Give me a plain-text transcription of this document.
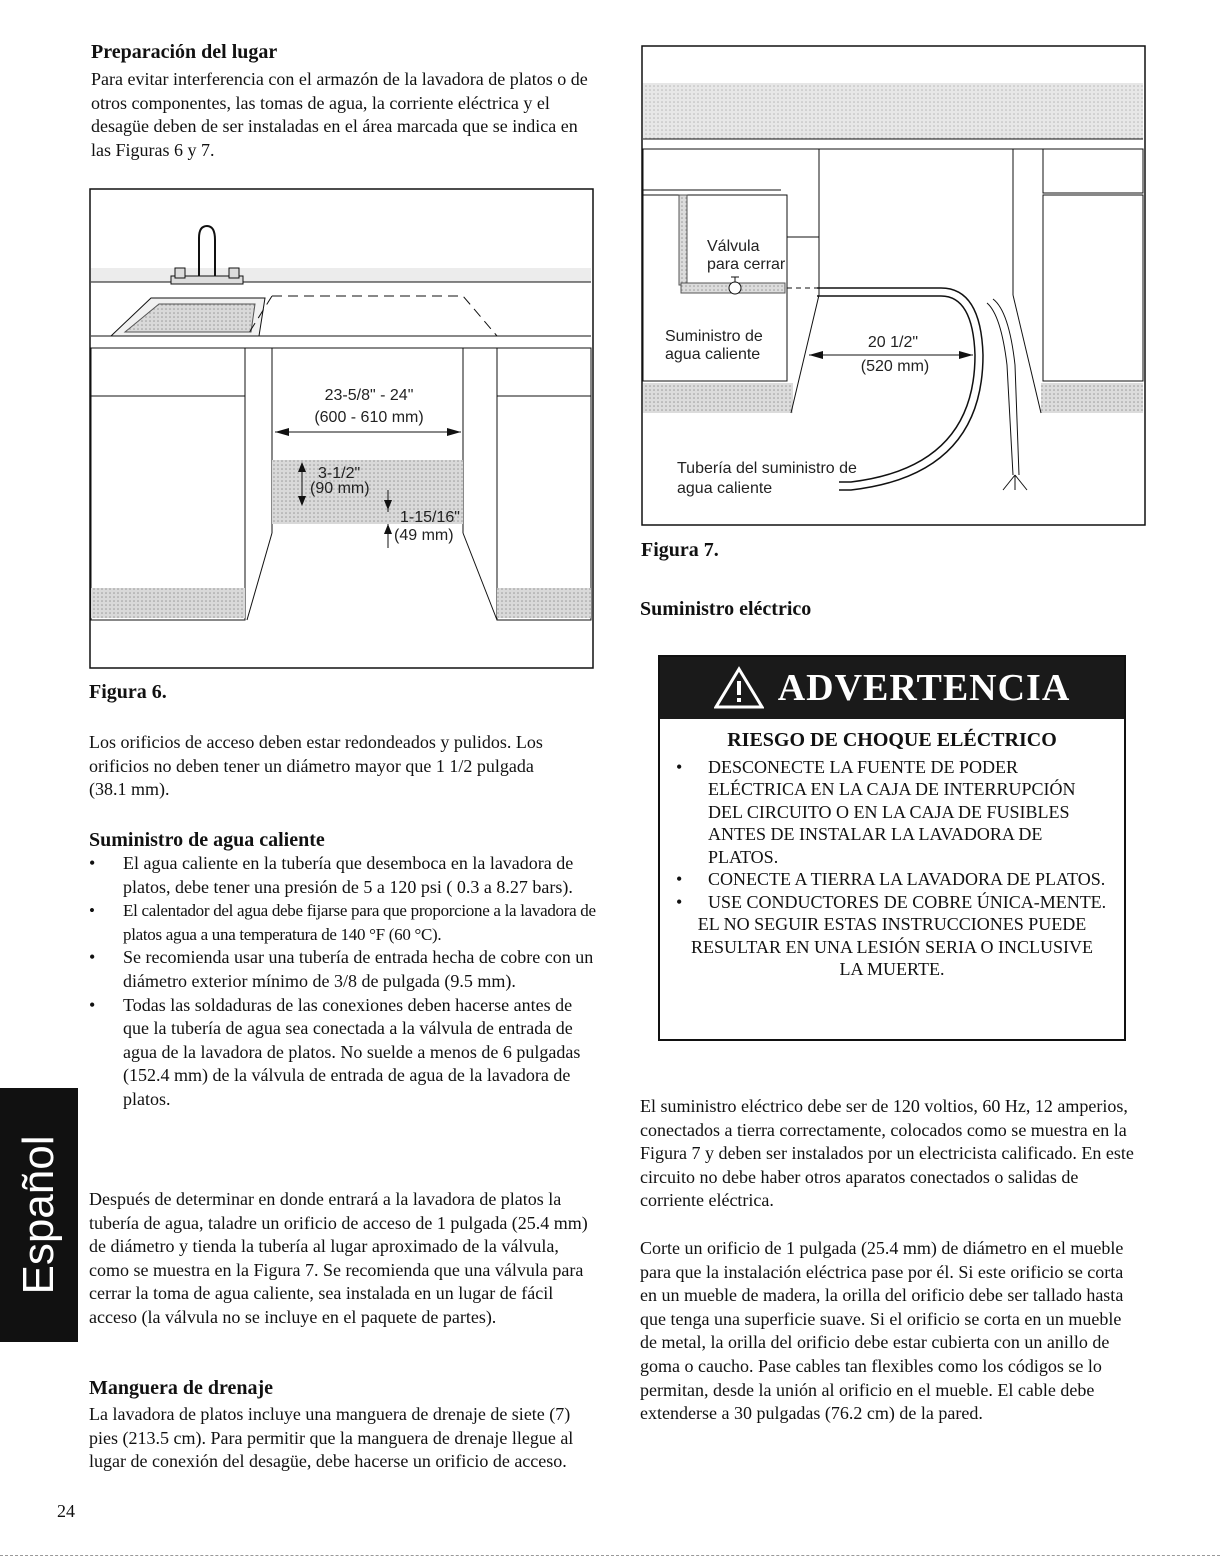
Preparación del lugar
Para evitar interferencia con el armazón de la lavadora de platos o de otros componentes, las tomas de agua, la corriente eléctrica y el desagüe deben de ser instaladas en el área marcada que se indica en las Figuras 6 y 7.
23-5/8" - 24"
(600 - 610 mm)
3-1/2"
(90 mm)
1-15/16"
(49 mm)
Figura 6.
Los orificios de acceso deben estar redondeados y pulidos. Los orificios no deben tener un diámetro mayor que 1 1/2 pulgada (38.1 mm).
Suministro de agua caliente
• El agua caliente en la tubería que desemboca en la lavadora de platos, debe tener una presión de 5 a 120 psi ( 0.3 a 8.27 bars).
• El calentador del agua debe fijarse para que proporcione a la lavadora de platos agua a una temperatura de 140 °F (60 °C).
• Se recomienda usar una tubería de entrada hecha de cobre con un diámetro exterior mínimo de 3/8 de pulgada (9.5 mm).
• Todas las soldaduras de las conexiones deben hacerse antes de que la tubería de agua sea conectada a la válvula de entrada de agua de la lavadora de platos. No suelde a menos de 6 pulgadas (152.4 mm) de la válvula de entrada de agua de la lavadora de platos.
Después de determinar en donde entrará a la lavadora de platos la tubería de agua, taladre un orificio de acceso de 1 pulgada (25.4 mm) de diámetro y tienda la tubería al lugar aproximado de la válvula, como se muestra en la Figura 7. Se recomienda que una válvula para cerrar la toma de agua caliente, sea instalada en un lugar de fácil acceso (la válvula no se incluye en el paquete de partes).
Manguera de drenaje
La lavadora de platos incluye una manguera de drenaje de siete (7) pies (213.5 cm). Para permitir que la manguera de drenaje llegue al lugar de conexión del desagüe, debe hacerse un orificio de acceso.
24
Español
Válvula
para cerrar
Suministro de
agua caliente
20 1/2"
(520 mm)
Tubería del suministro de
agua caliente
Figura 7.
Suministro eléctrico
ADVERTENCIA
RIESGO DE CHOQUE ELÉCTRICO
• DESCONECTE LA FUENTE DE PODER ELÉCTRICA EN LA CAJA DE INTERRUPCIÓN DEL CIRCUITO O EN LA CAJA DE FUSIBLES ANTES DE INSTALAR LA LAVADORA DE PLATOS.
• CONECTE A TIERRA LA LAVADORA DE PLATOS.
• USE CONDUCTORES DE COBRE ÚNICA-MENTE.
EL NO SEGUIR ESTAS INSTRUCCIONES PUEDE RESULTAR EN UNA LESIÓN SERIA O INCLUSIVE LA MUERTE.
El suministro eléctrico debe ser de 120 voltios, 60 Hz, 12 amperios, conectados a tierra correctamente, colocados como se muestra en la Figura 7 y deben ser instalados por un electricista calificado. En este circuito no debe haber otros aparatos conectados o salidas de corriente eléctrica.
Corte un orificio de 1 pulgada (25.4 mm) de diámetro en el mueble para que la instalación eléctrica pase por él. Si este orificio se corta en un mueble de madera, la orilla del orificio debe ser tallado hasta que tenga una superficie suave. Si el orificio se corta en un mueble de metal, la orilla del orificio debe estar cubierta con un anillo de goma o caucho. Pase cables tan flexibles como los códigos se lo permitan, desde la unión al orificio en el mueble. El cable debe extenderse a 30 pulgadas (76.2 cm) de la pared.
